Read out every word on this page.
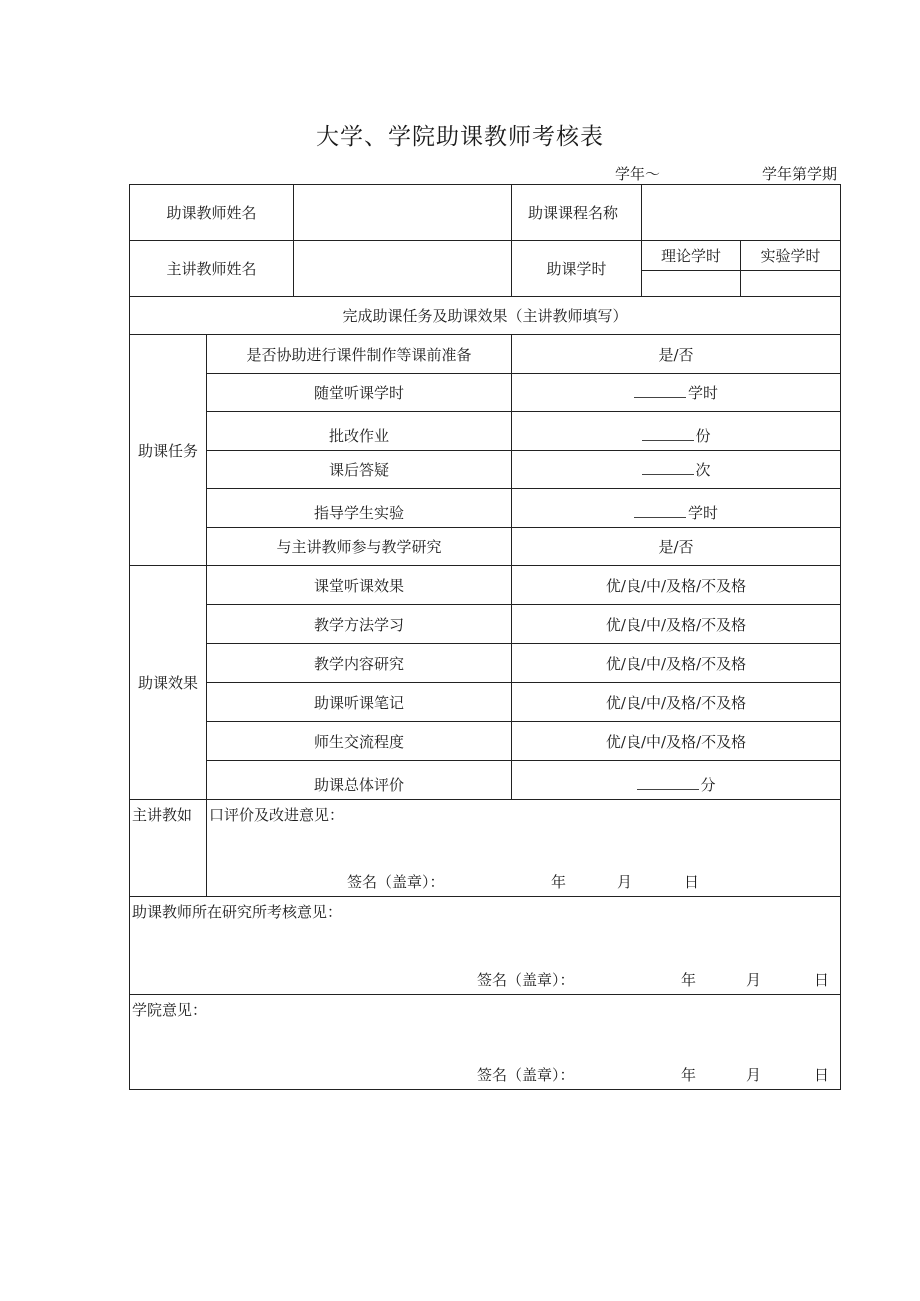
大学、学院助课教师考核表
学年～	学年第学期
助课教师姓名			助课课程名称		
主讲教师姓名			助课学时	理论学时	实验学时

完成助课任务及助课效果（主讲教师填写）					
助课任务	是否协助进行课件制作等课前准备		是/否		
	随堂听课学时		学时		
	批改作业		份		
	课后答疑		次		
	指导学生实验		学时		
	与主讲教师参与教学研究		是/否		
助课效果	课堂听课效果		优/良/中/及格/不及格		
	教学方法学习		优/良/中/及格/不及格		
	教学内容研究		优/良/中/及格/不及格		
	助课听课笔记		优/良/中/及格/不及格		
	师生交流程度		优/良/中/及格/不及格		
	助课总体评价		分		
主讲教如	口评价及改进意见：
签名（盖章）： 年 月 日				

助课教师所在研究所考核意见：
签名（盖章）： 年 月 日					

学院意见：
签名（盖章）： 年 月 日					
